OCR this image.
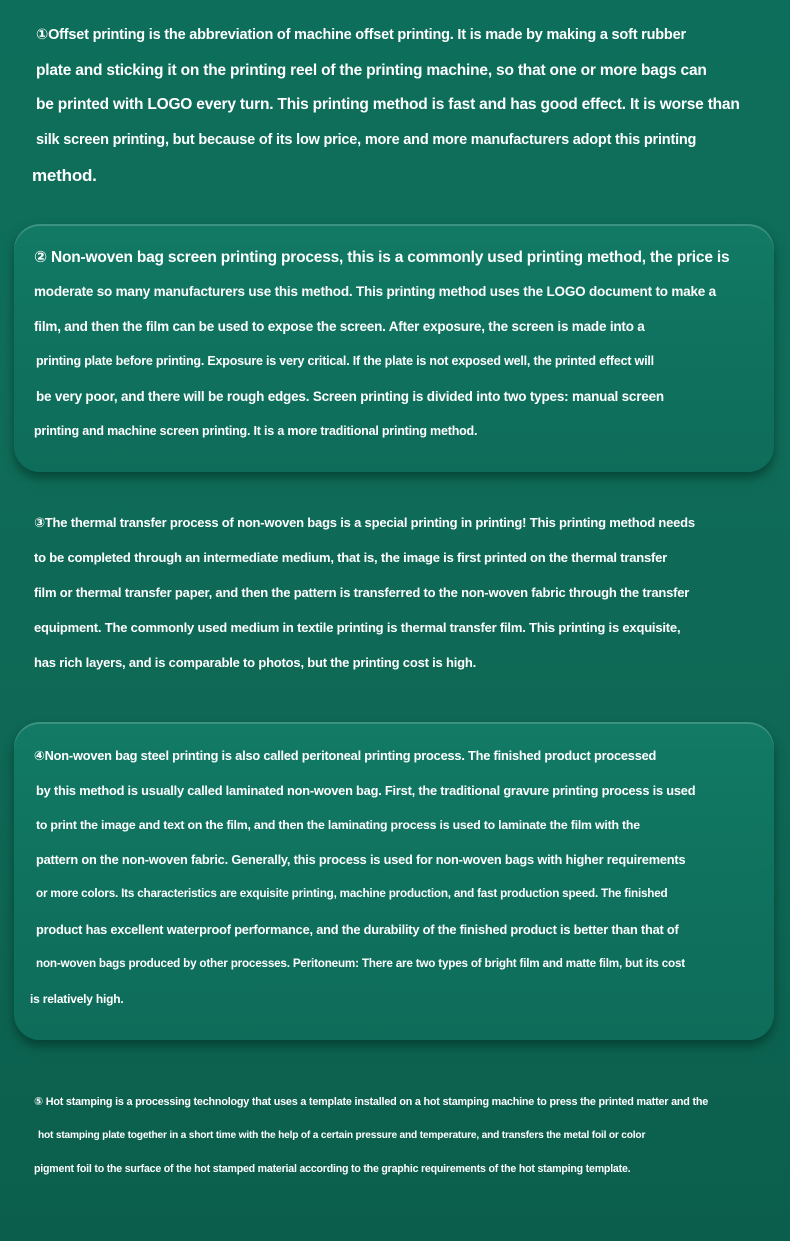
①Offset printing is the abbreviation of machine offset printing. It is made by making a soft rubber
plate and sticking it on the printing reel of the printing machine, so that one or more bags can
be printed with LOGO every turn. This printing method is fast and has good effect. It is worse than
silk screen printing, but because of its low price, more and more manufacturers adopt this printing
method.
② Non-woven bag screen printing process, this is a commonly used printing method, the price is
moderate so many manufacturers use this method. This printing method uses the LOGO document to make a
film, and then the film can be used to expose the screen. After exposure, the screen is made into a
printing plate before printing. Exposure is very critical. If the plate is not exposed well, the printed effect will
be very poor, and there will be rough edges. Screen printing is divided into two types: manual screen
printing and machine screen printing. It is a more traditional printing method.
③The thermal transfer process of non-woven bags is a special printing in printing! This printing method needs
to be completed through an intermediate medium, that is, the image is first printed on the thermal transfer
film or thermal transfer paper, and then the pattern is transferred to the non-woven fabric through the transfer
equipment. The commonly used medium in textile printing is thermal transfer film. This printing is exquisite,
has rich layers, and is comparable to photos, but the printing cost is high.
④Non-woven bag steel printing is also called peritoneal printing process. The finished product processed
by this method is usually called laminated non-woven bag. First, the traditional gravure printing process is used
to print the image and text on the film, and then the laminating process is used to laminate the film with the
pattern on the non-woven fabric. Generally, this process is used for non-woven bags with higher requirements
or more colors. Its characteristics are exquisite printing, machine production, and fast production speed. The finished
product has excellent waterproof performance, and the durability of the finished product is better than that of
non-woven bags produced by other processes. Peritoneum: There are two types of bright film and matte film, but its cost
is relatively high.
⑤ Hot stamping is a processing technology that uses a template installed on a hot stamping machine to press the printed matter and the
hot stamping plate together in a short time with the help of a certain pressure and temperature, and transfers the metal foil or color
pigment foil to the surface of the hot stamped material according to the graphic requirements of the hot stamping template.
